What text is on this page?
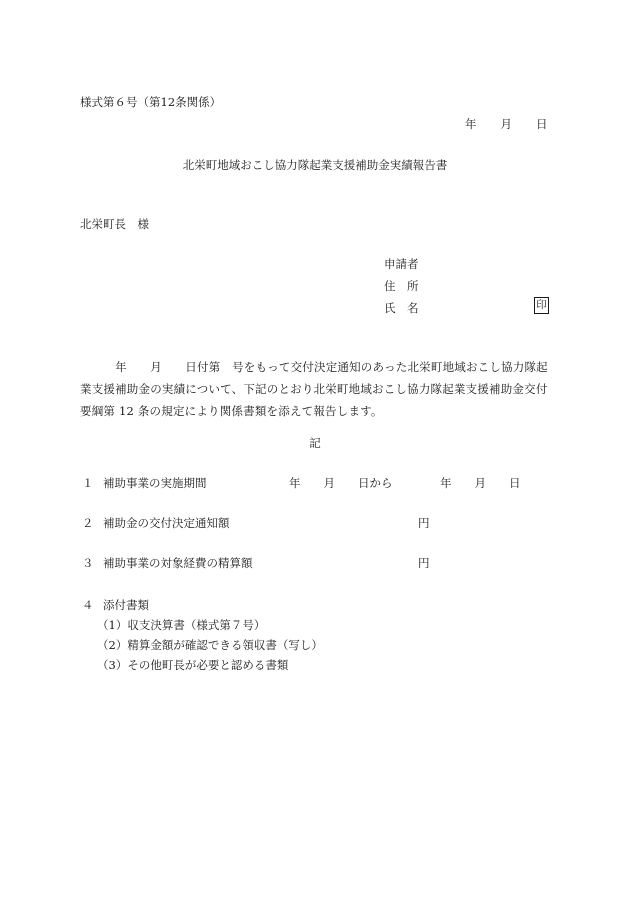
様式第６号（第12条関係）
年 月 日
北栄町地域おこし協力隊起業支援補助金実績報告書
北栄町長　様
申請者
住　所
氏　名	印
　　　年　　月　　日付第　号をもって交付決定通知のあった北栄町地域おこし協力隊起
業支援補助金の実績について、下記のとおり北栄町地域おこし協力隊起業支援補助金交付
要綱第 12 条の規定により関係書類を添えて報告します。
記
１ 補助事業の実施期間	年　　月　　日から	年　　月　　日
２ 補助金の交付決定通知額	円
３ 補助事業の対象経費の精算額	円
４ 添付書類
（1）収支決算書（様式第７号）
（2）精算金額が確認できる領収書（写し）
（3）その他町長が必要と認める書類
